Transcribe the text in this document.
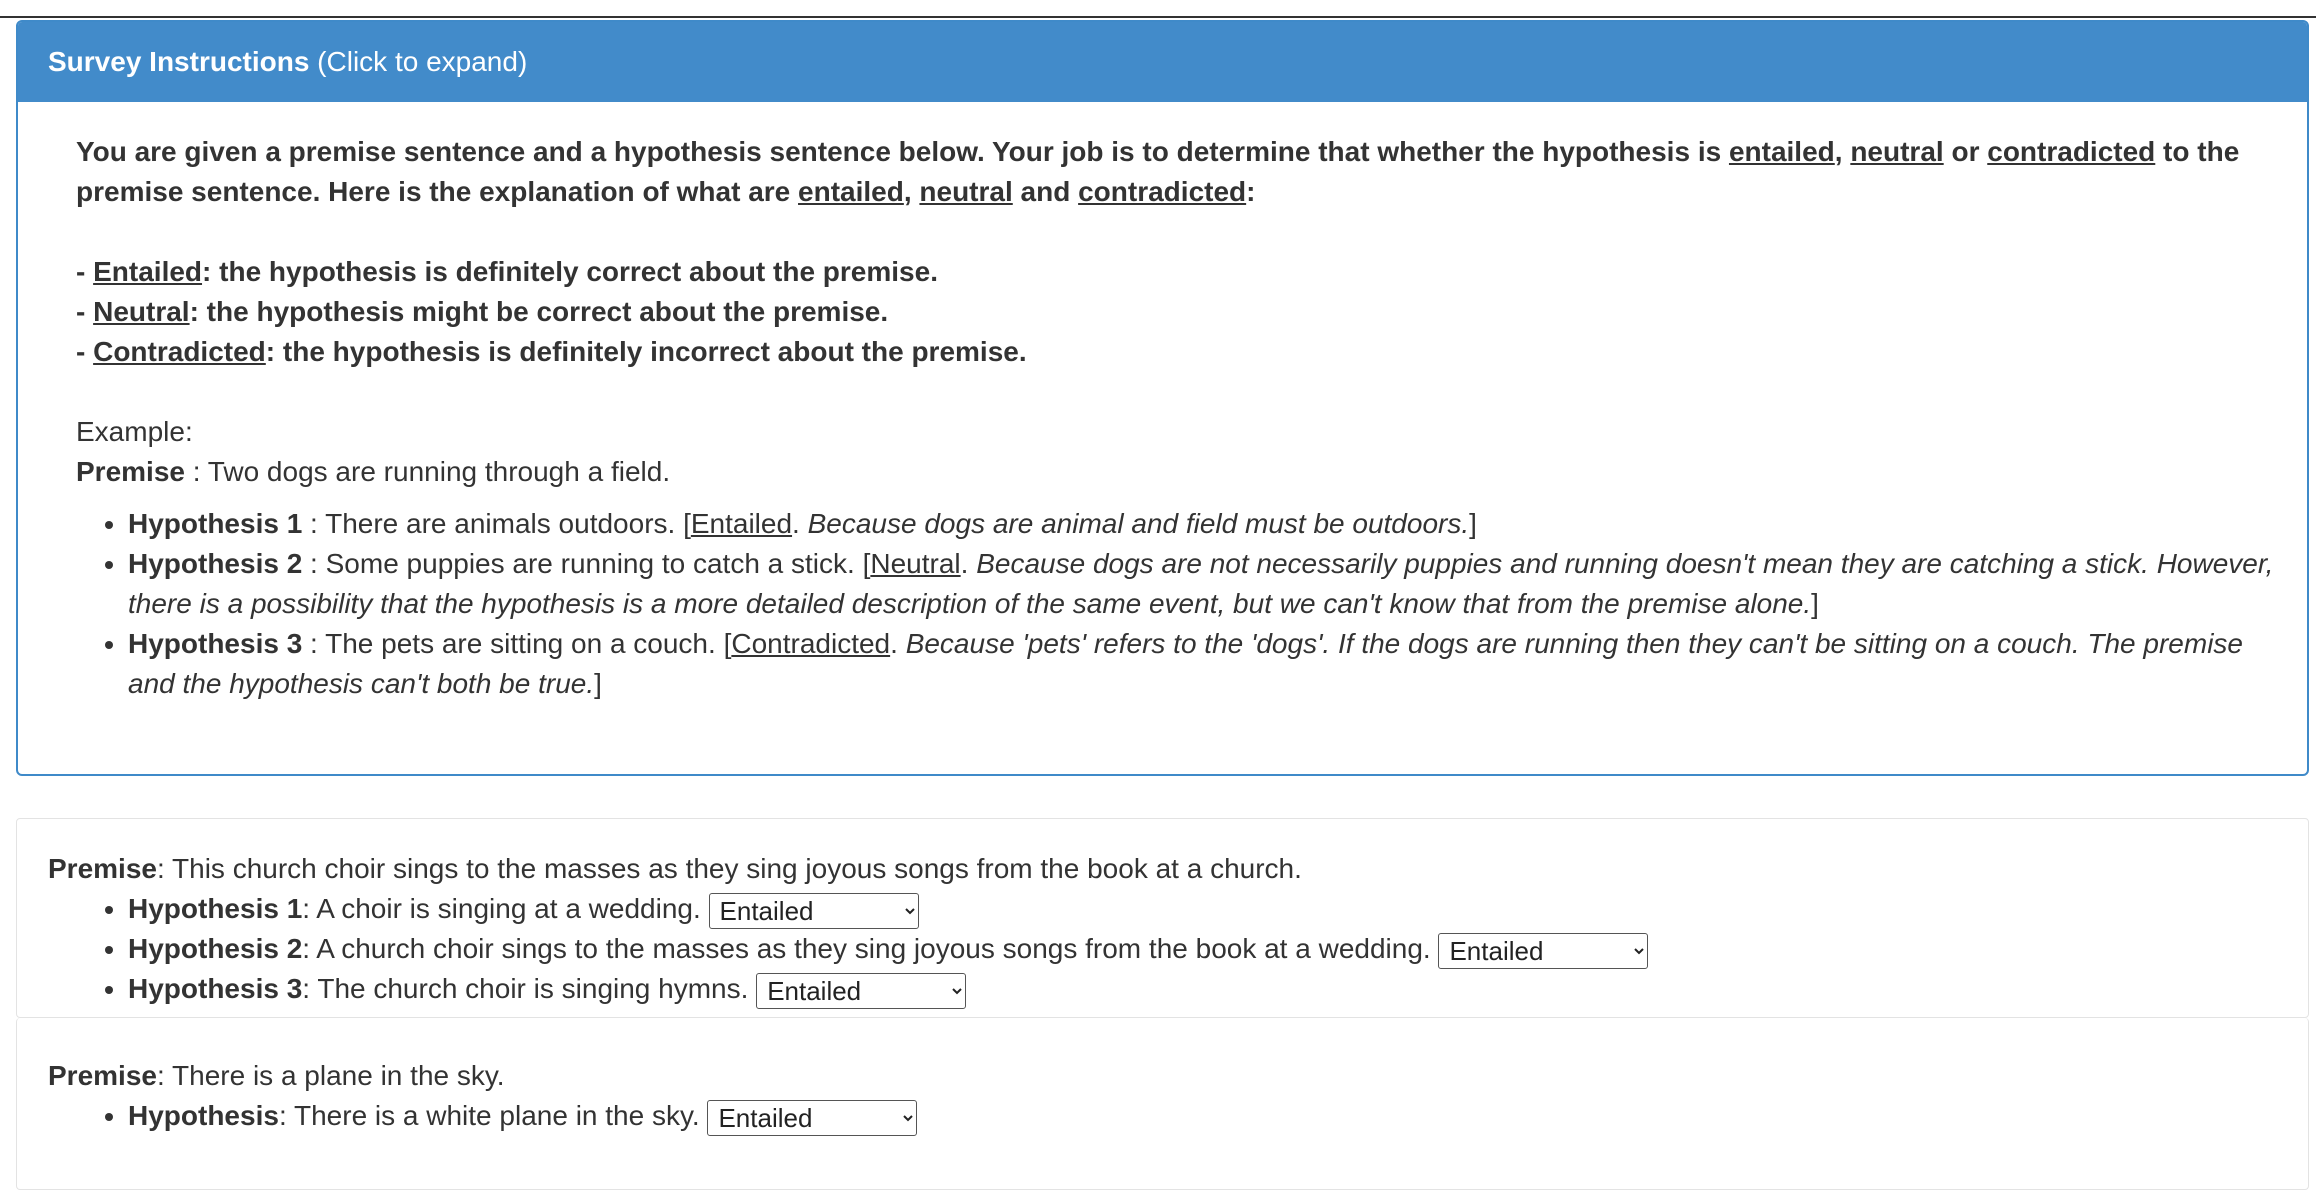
Survey Instructions (Click to expand)

You are given a premise sentence and a hypothesis sentence below. Your job is to determine that whether the hypothesis is entailed, neutral or contradicted to the premise sentence. Here is the explanation of what are entailed, neutral and contradicted:

- Entailed: the hypothesis is definitely correct about the premise.

- Neutral: the hypothesis might be correct about the premise.

- Contradicted: the hypothesis is definitely incorrect about the premise.

Example:

Premise : Two dogs are running through a field.

• Hypothesis 1 : There are animals outdoors. [Entailed. Because dogs are animal and field must be outdoors.]
• Hypothesis 2 : Some puppies are running to catch a stick. [Neutral. Because dogs are not necessarily puppies and running doesn't mean they are catching a stick. However, there is a possibility that the hypothesis is a more detailed description of the same event, but we can't know that from the premise alone.]
• Hypothesis 3 : The pets are sitting on a couch. [Contradicted. Because 'pets' refers to the 'dogs'. If the dogs are running then they can't be sitting on a couch. The premise and the hypothesis can't both be true.]
Premise: This church choir sings to the masses as they sing joyous songs from the book at a church.
• Hypothesis 1: A choir is singing at a wedding.
Entailed
• Hypothesis 2: A church choir sings to the masses as they sing joyous songs from the book at a wedding.
Entailed
• Hypothesis 3: The church choir is singing hymns.
Entailed
Premise: There is a plane in the sky.
• Hypothesis: There is a white plane in the sky.
Entailed
